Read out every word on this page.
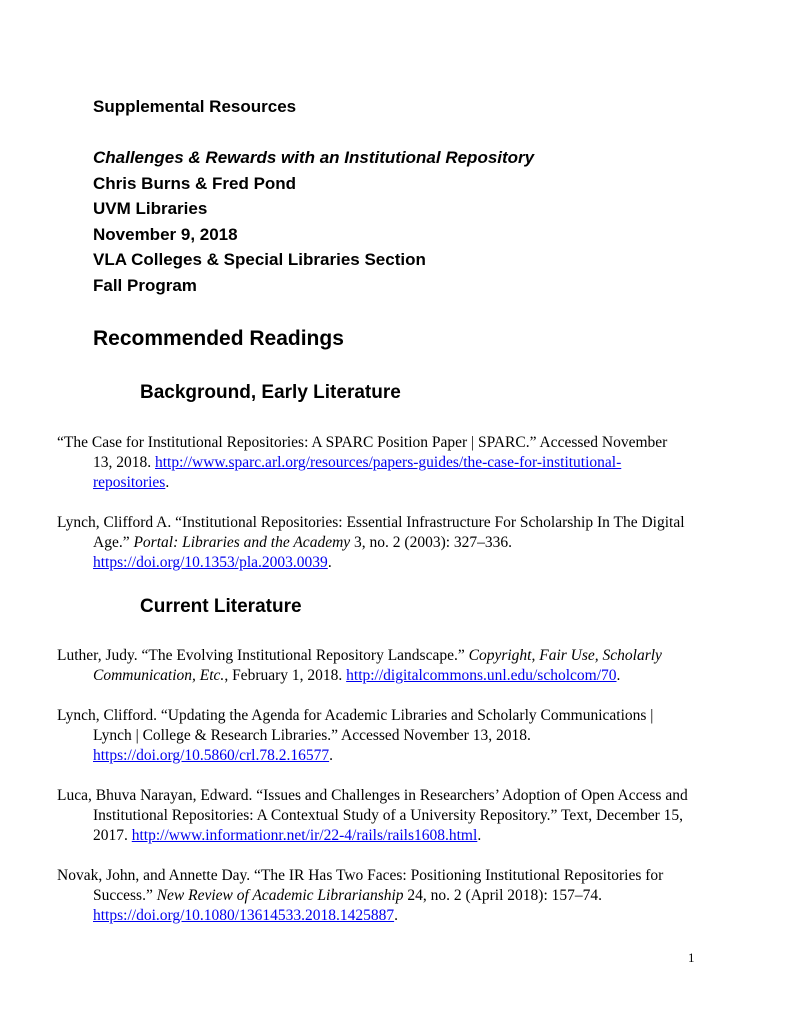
Supplemental Resources

Challenges & Rewards with an Institutional Repository

Chris Burns & Fred Pond

UVM Libraries

November 9, 2018

VLA Colleges & Special Libraries Section

Fall Program

Recommended Readings
Background, Early Literature

“The Case for Institutional Repositories: A SPARC Position Paper | SPARC.” Accessed November
13, 2018. http://www.sparc.arl.org/resources/papers-guides/the-case-for-institutional-
repositories.

Lynch, Clifford A. “Institutional Repositories: Essential Infrastructure For Scholarship In The Digital
Age.” Portal: Libraries and the Academy 3, no. 2 (2003): 327–336.
https://doi.org/10.1353/pla.2003.0039.

Current Literature

Luther, Judy. “The Evolving Institutional Repository Landscape.” Copyright, Fair Use, Scholarly
Communication, Etc., February 1, 2018. http://digitalcommons.unl.edu/scholcom/70.

Lynch, Clifford. “Updating the Agenda for Academic Libraries and Scholarly Communications |
Lynch | College & Research Libraries.” Accessed November 13, 2018.
https://doi.org/10.5860/crl.78.2.16577.

Luca, Bhuva Narayan, Edward. “Issues and Challenges in Researchers’ Adoption of Open Access and
Institutional Repositories: A Contextual Study of a University Repository.” Text, December 15,
2017. http://www.informationr.net/ir/22-4/rails/rails1608.html.

Novak, John, and Annette Day. “The IR Has Two Faces: Positioning Institutional Repositories for
Success.” New Review of Academic Librarianship 24, no. 2 (April 2018): 157–74.
https://doi.org/10.1080/13614533.2018.1425887.

1
